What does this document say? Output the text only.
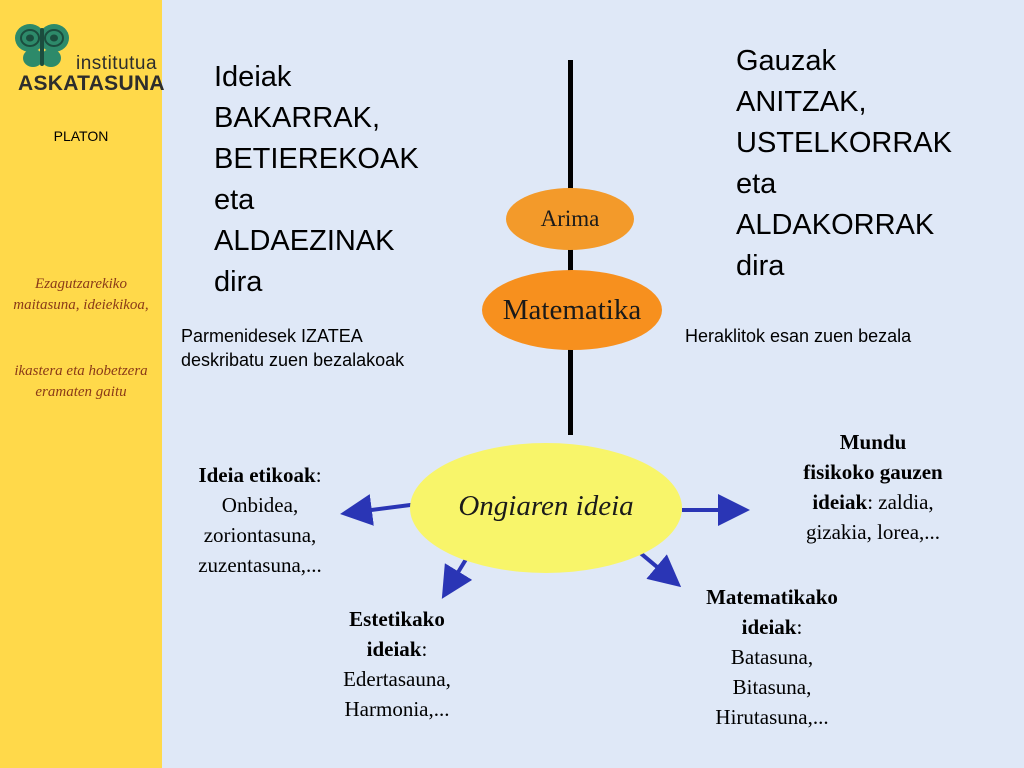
institutua
ASKATASUNA
PLATON
Ezagutzarekiko maitasuna, ideiekikoa,
ikastera eta hobetzera eramaten gaitu
Ideiak
BAKARRAK,
BETIEREKOAK
eta
ALDAEZINAK
dira
Gauzak
ANITZAK,
USTELKORRAK
eta
ALDAKORRAK
dira
Parmenidesek IZATEA
deskribatu zuen bezalakoak
Heraklitok esan zuen bezala
Arima
Matematika
Ongiaren ideia
Ideia etikoak:
Onbidea,
zoriontasuna,
zuzentasuna,...
Estetikako
ideiak:
Edertasauna,
Harmonia,...
Mundu
fisikoko gauzen
ideiak: zaldia,
gizakia, lorea,...
Matematikako
ideiak:
Batasuna,
Bitasuna,
Hirutasuna,...
